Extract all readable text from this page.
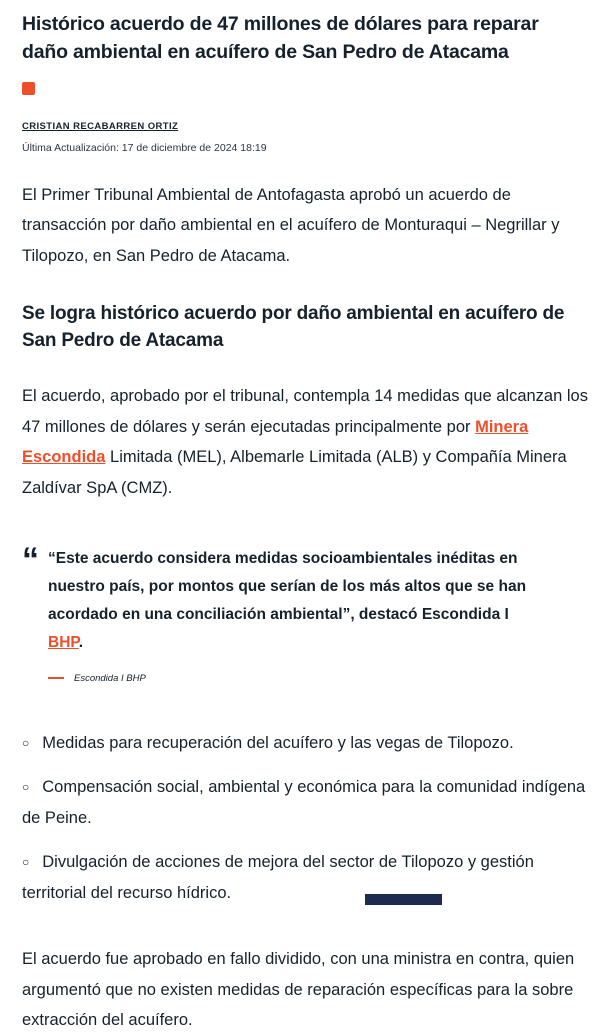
Histórico acuerdo de 47 millones de dólares para reparar daño ambiental en acuífero de San Pedro de Atacama
CRISTIAN RECABARREN ORTIZ
Última Actualización: 17 de diciembre de 2024 18:19

El Primer Tribunal Ambiental de Antofagasta aprobó un acuerdo de transacción por daño ambiental en el acuífero de Monturaqui – Negrillar y Tilopozo, en San Pedro de Atacama.

Se logra histórico acuerdo por daño ambiental en acuífero de San Pedro de Atacama

El acuerdo, aprobado por el tribunal, contempla 14 medidas que alcanzan los 47 millones de dólares y serán ejecutadas principalmente por Minera Escondida Limitada (MEL), Albemarle Limitada (ALB) y Compañía Minera Zaldívar SpA (CMZ).

“ “Este acuerdo considera medidas socioambientales inéditas en nuestro país, por montos que serían de los más altos que se han acordado en una conciliación ambiental”, destacó Escondida I BHP.
Escondida I BHP
○ Medidas para recuperación del acuífero y las vegas de Tilopozo.
○ Compensación social, ambiental y económica para la comunidad indígena de Peine.
○ Divulgación de acciones de mejora del sector de Tilopozo y gestión territorial del recurso hídrico.

El acuerdo fue aprobado en fallo dividido, con una ministra en contra, quien argumentó que no existen medidas de reparación específicas para la sobre extracción del acuífero.
